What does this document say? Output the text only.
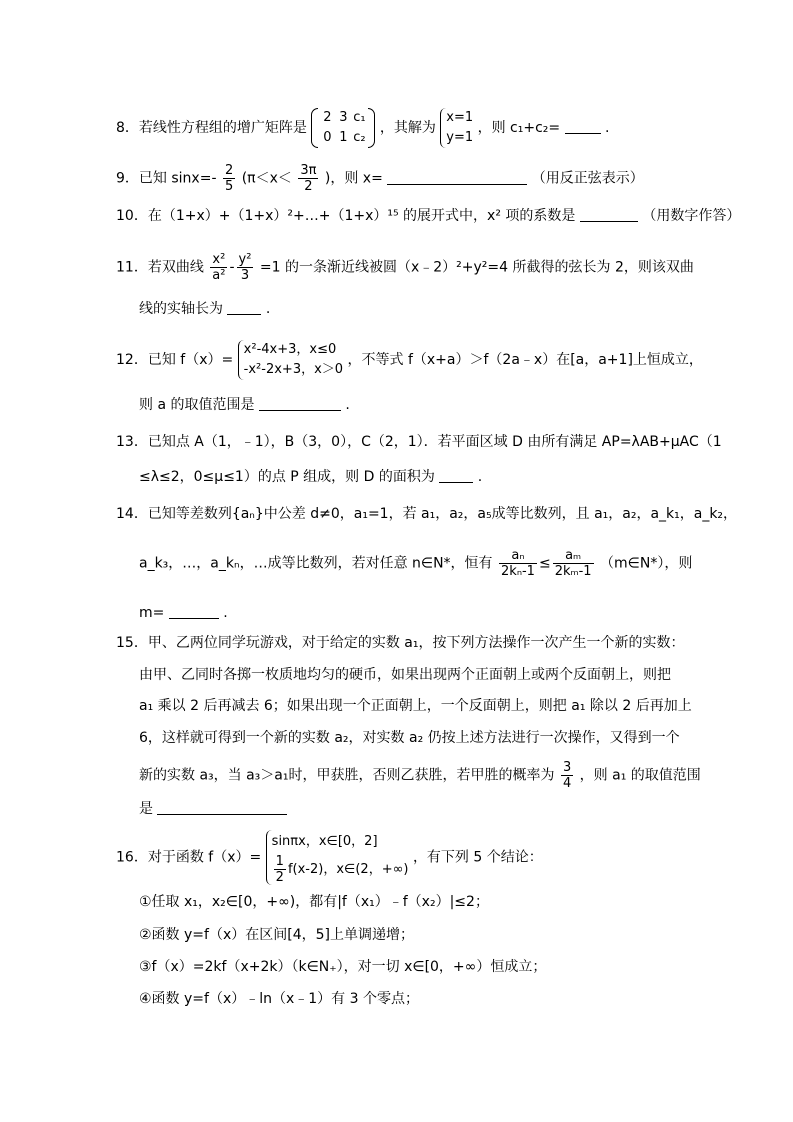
8．若线性方程组的增广矩阵是 2 3 c₁
0 1 c₂ ，其解为 x=1
y=1 ，则 c₁+c₂=	.
9．已知 $\sin x=- \frac{2}{5} (\pi<x< \frac{3\pi}{2}$ )，则 x=	（用反正弦表示）
10．在（1+x）+（1+x）²+…+（1+x）¹⁵ 的展开式中，x² 项的系数是	（用数字作答）
11．若双曲线 $\frac{\text{x²}}{\text{a²}} - \frac{\text{y²}}{3} =1$ 的一条渐近线被圆（x﹣2）²+y²=4 所截得的弦长为 2，则该双曲
线的实轴长为	.
12．已知 f（x）= x²-4x+3，x≤0
-x²-2x+3，x＞0 ，不等式 f（x+a）＞f（2a﹣x）在[a，a+1]上恒成立，
则 a 的取值范围是	.
13．已知点 A（1，﹣1），B（3，0），C（2，1）．若平面区域 D 由所有满足 AP=λAB+μAC（1
≤λ≤2，0≤μ≤1）的点 P 组成，则 D 的面积为	.
14．已知等差数列{aₙ}中公差 d≠0，a₁=1，若 a₁，a₂，a₅成等比数列，且 a₁，a₂，a_k₁，a_k₂，
a_k₃，…，a_kₙ，…成等比数列，若对任意 n∈N*，恒有 $\frac{\text{aₙ}}{\text{2kₙ-1}} \le \frac{\text{aₘ}}{\text{2kₘ-1}}$ （m∈N*），则
m=	.
15．甲、乙两位同学玩游戏，对于给定的实数 a₁，按下列方法操作一次产生一个新的实数：
由甲、乙同时各掷一枚质地均匀的硬币，如果出现两个正面朝上或两个反面朝上，则把
a₁ 乘以 2 后再减去 6；如果出现一个正面朝上，一个反面朝上，则把 a₁ 除以 2 后再加上
6，这样就可得到一个新的实数 a₂，对实数 a₂ 仍按上述方法进行一次操作，又得到一个
新的实数 a₃，当 a₃＞a₁时，甲获胜，否则乙获胜，若甲胜的概率为 $\frac{3}{4}$ ，则 a₁ 的取值范围
是
16．对于函数 f（x）= sinπx，x∈[0，2]

$\frac{1}{2} f(x-2)$，x∈(2，+∞) ，有下列 5 个结论：
①任取 x₁，x₂∈[0，+∞)，都有|f（x₁）﹣f（x₂）|≤2；
②函数 y=f（x）在区间[4，5]上单调递增；
③f（x）=2kf（x+2k）（k∈N₊），对一切 x∈[0，+∞）恒成立；
④函数 y=f（x）﹣ln（x﹣1）有 3 个零点；
